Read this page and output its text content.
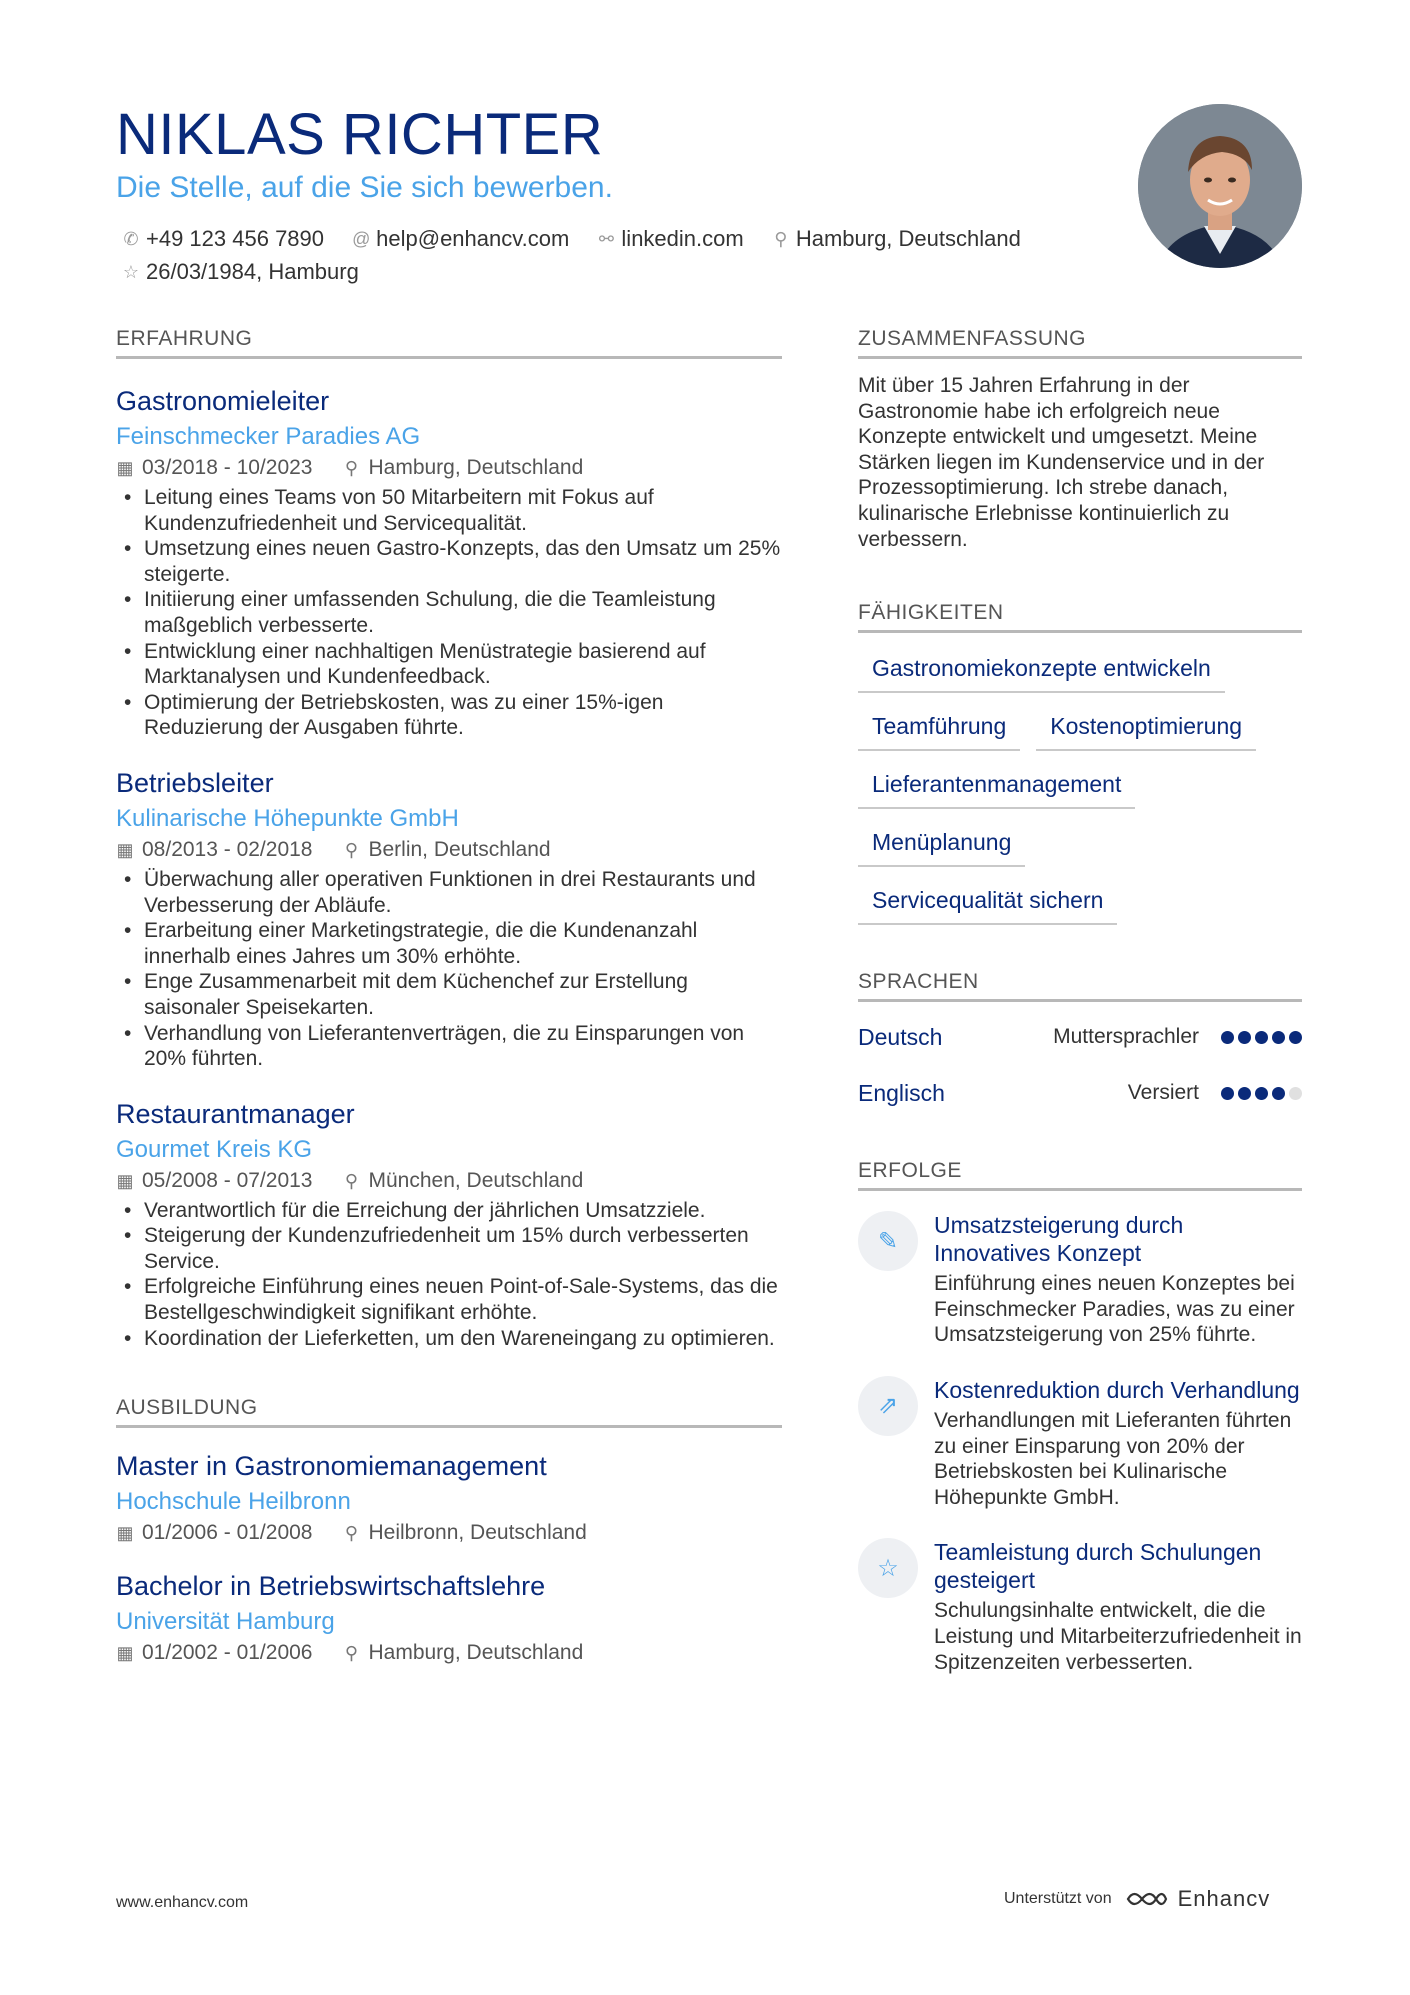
NIKLAS RICHTER
Die Stelle, auf die Sie sich bewerben.
✆ +49 123 456 7890
@ help@enhancv.com
⚯ linkedin.com
⚲ Hamburg, Deutschland

☆ 26/03/1984, Hamburg
ERFAHRUNG
Gastronomieleiter
Feinschmecker Paradies AG
▦ 03/2018 - 10/2023 ⚲ Hamburg, Deutschland
• Leitung eines Teams von 50 Mitarbeitern mit Fokus auf Kundenzufriedenheit und Servicequalität.
• Umsetzung eines neuen Gastro-Konzepts, das den Umsatz um 25% steigerte.
• Initiierung einer umfassenden Schulung, die die Teamleistung maßgeblich verbesserte.
• Entwicklung einer nachhaltigen Menüstrategie basierend auf Marktanalysen und Kundenfeedback.
• Optimierung der Betriebskosten, was zu einer 15%-igen Reduzierung der Ausgaben führte.
Betriebsleiter
Kulinarische Höhepunkte GmbH
▦ 08/2013 - 02/2018 ⚲ Berlin, Deutschland
• Überwachung aller operativen Funktionen in drei Restaurants und Verbesserung der Abläufe.
• Erarbeitung einer Marketingstrategie, die die Kundenanzahl innerhalb eines Jahres um 30% erhöhte.
• Enge Zusammenarbeit mit dem Küchenchef zur Erstellung saisonaler Speisekarten.
• Verhandlung von Lieferantenverträgen, die zu Einsparungen von 20% führten.
Restaurantmanager
Gourmet Kreis KG
▦ 05/2008 - 07/2013 ⚲ München, Deutschland
• Verantwortlich für die Erreichung der jährlichen Umsatzziele.
• Steigerung der Kundenzufriedenheit um 15% durch verbesserten Service.
• Erfolgreiche Einführung eines neuen Point-of-Sale-Systems, das die Bestellgeschwindigkeit signifikant erhöhte.
• Koordination der Lieferketten, um den Wareneingang zu optimieren.
AUSBILDUNG
Master in Gastronomiemanagement
Hochschule Heilbronn
▦ 01/2006 - 01/2008 ⚲ Heilbronn, Deutschland
Bachelor in Betriebswirtschaftslehre
Universität Hamburg
▦ 01/2002 - 01/2006 ⚲ Hamburg, Deutschland
ZUSAMMENFASSUNG
Mit über 15 Jahren Erfahrung in der Gastronomie habe ich erfolgreich neue Konzepte entwickelt und umgesetzt. Meine Stärken liegen im Kundenservice und in der Prozessoptimierung. Ich strebe danach, kulinarische Erlebnisse kontinuierlich zu verbessern.
FÄHIGKEITEN
Gastronomiekonzepte entwickeln
Teamführung	Kostenoptimierung
Lieferantenmanagement
Menüplanung
Servicequalität sichern
SPRACHEN
Deutsch	Muttersprachler
Englisch	Versiert
ERFOLGE
✎
Umsatzsteigerung durch Innovatives Konzept
Einführung eines neuen Konzeptes bei Feinschmecker Paradies, was zu einer Umsatzsteigerung von 25% führte.
⇗
Kostenreduktion durch Verhandlung
Verhandlungen mit Lieferanten führten zu einer Einsparung von 20% der Betriebskosten bei Kulinarische Höhepunkte GmbH.
☆
Teamleistung durch Schulungen gesteigert
Schulungsinhalte entwickelt, die die Leistung und Mitarbeiterzufriedenheit in Spitzenzeiten verbesserten.
www.enhancv.com	Unterstützt von	Enhancv
